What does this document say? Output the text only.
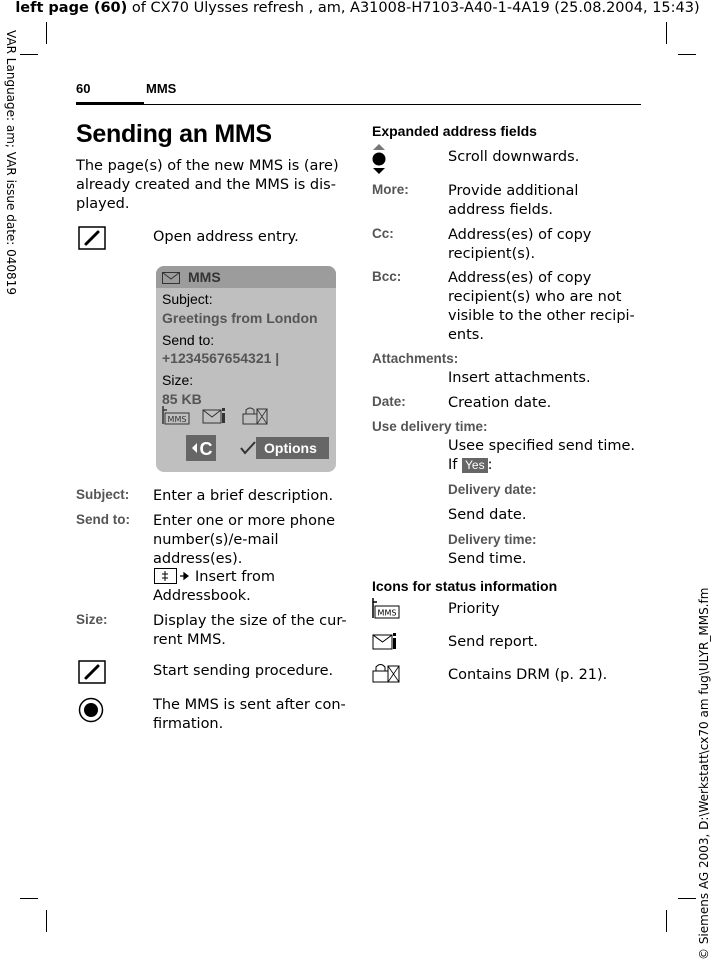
left page (60) of CX70 Ulysses refresh , am, A31008-H7103-A40-1-4A19 (25.08.2004, 15:43)
VAR Language: am; VAR issue date: 040819
© Siemens AG 2003, D:\Werkstatt\cx70 am fug\ULYR_MMS.fm
60	MMS
Sending an MMS
The page(s) of the new MMS is (are)
already created and the MMS is dis-
played.
Open address entry.
MMS
Subject:
Greetings from London
Send to:
+1234567654321 |
Size:
85 KB
MMS
C	Options
Subject: Enter a brief description.
Send to: Enter one or more phone
number(s)/e-mail
address(es).
Insert from
Addressbook.
Size:	Display the size of the cur-
rent MMS.
Start sending procedure.
The MMS is sent after con-
firmation.
Expanded address fields
Scroll downwards.
More:	Provide additional
address fields.
Cc:	Address(es) of copy
recipient(s).
Bcc:	Address(es) of copy
recipient(s) who are not
visible to the other recipi-
ents.
Attachments:
Insert attachments.
Date:	Creation date.
Use delivery time:
Usee specified send time.
If Yes :
Delivery date:
Send date.
Delivery time:
Send time.
Icons for status information
MMS	Priority
Send report.
Contains DRM (p. 21).
